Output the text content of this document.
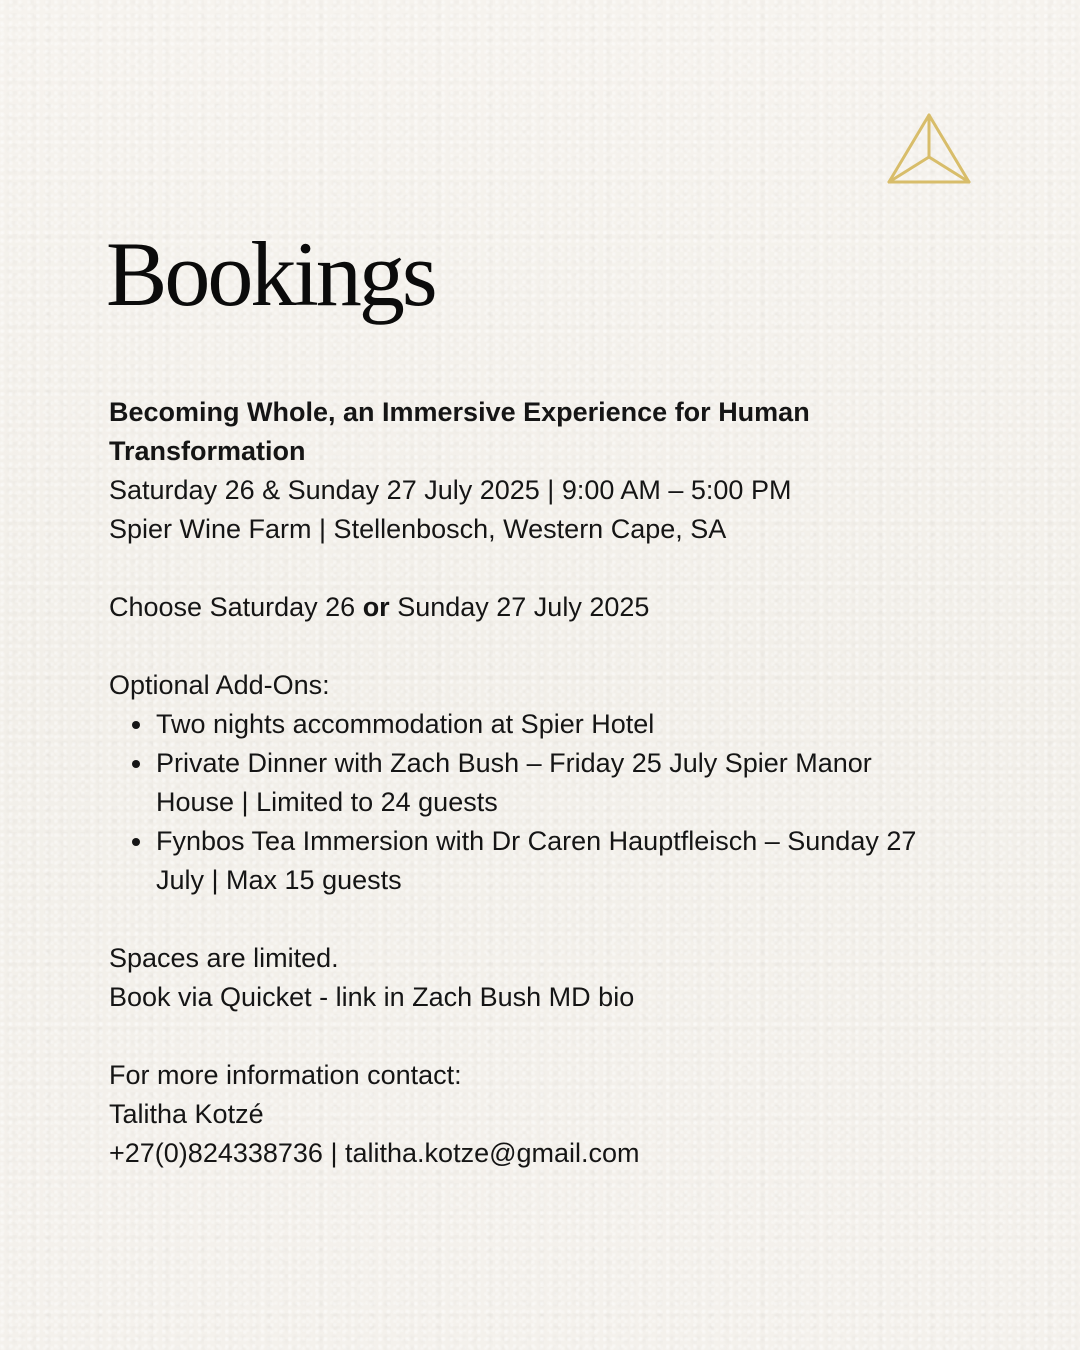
Bookings

Becoming Whole, an Immersive Experience for Human Transformation

Saturday 26 & Sunday 27 July 2025 | 9:00 AM – 5:00 PM

Spier Wine Farm | Stellenbosch, Western Cape, SA

Choose Saturday 26 or Sunday 27 July 2025

Optional Add-Ons:

Two nights accommodation at Spier Hotel
Private Dinner with Zach Bush – Friday 25 July Spier Manor House | Limited to 24 guests
Fynbos Tea Immersion with Dr Caren Hauptfleisch – Sunday 27 July | Max 15 guests

Spaces are limited.

Book via Quicket - link in Zach Bush MD bio

For more information contact:

Talitha Kotzé

+27(0)824338736 | talitha.kotze@gmail.com
